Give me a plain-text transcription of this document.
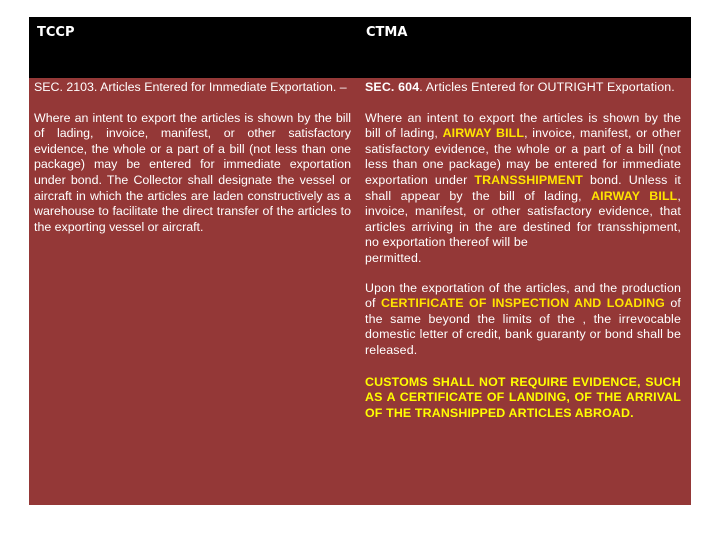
TCCP	CTMA

SEC. 2103. Articles Entered for Immediate Exportation. –

Where an intent to export the articles is shown by the bill of lading, invoice, manifest, or other satisfactory evidence, the whole or a part of a bill (not less than one package) may be entered for immediate exportation under bond. The Collector shall designate the vessel or aircraft in which the articles are laden constructively as a warehouse to facilitate the direct transfer of the articles to the exporting vessel or aircraft.

SEC. 604. Articles Entered for OUTRIGHT Exportation.

Where an intent to export the articles is shown by the bill of lading, AIRWAY BILL, invoice, manifest, or other satisfactory evidence, the whole or a part of a bill (not less than one package) may be entered for immediate exportation under TRANSSHIPMENT bond. Unless it shall appear by the bill of lading, AIRWAY BILL, invoice, manifest, or other satisfactory evidence, that articles arriving in the are destined for transshipment, no exportation thereof will be

permitted.

Upon the exportation of the articles, and the production of CERTIFICATE OF INSPECTION AND LOADING of the same beyond the limits of the , the irrevocable domestic letter of credit, bank guaranty or bond shall be released.

CUSTOMS SHALL NOT REQUIRE EVIDENCE, SUCH AS A CERTIFICATE OF LANDING, OF THE ARRIVAL OF THE TRANSHIPPED ARTICLES ABROAD.
